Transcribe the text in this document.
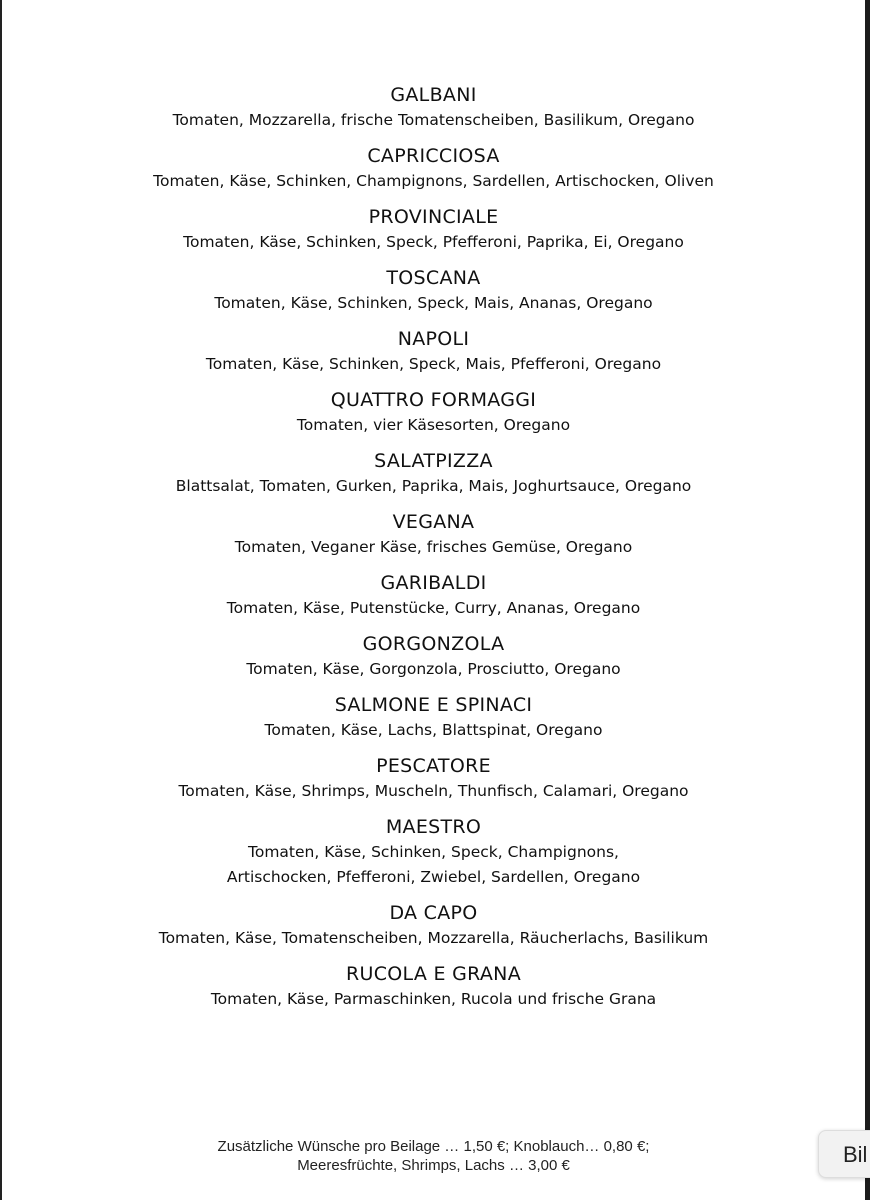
GALBANI
Tomaten, Mozzarella, frische Tomatenscheiben, Basilikum, Oregano
CAPRICCIOSA
Tomaten, Käse, Schinken, Champignons, Sardellen, Artischocken, Oliven
PROVINCIALE
Tomaten, Käse, Schinken, Speck, Pfefferoni, Paprika, Ei, Oregano
TOSCANA
Tomaten, Käse, Schinken, Speck, Mais, Ananas, Oregano
NAPOLI
Tomaten, Käse, Schinken, Speck, Mais, Pfefferoni, Oregano
QUATTRO FORMAGGI
Tomaten, vier Käsesorten, Oregano
SALATPIZZA
Blattsalat, Tomaten, Gurken, Paprika, Mais, Joghurtsauce, Oregano
VEGANA
Tomaten, Veganer Käse, frisches Gemüse, Oregano
GARIBALDI
Tomaten, Käse, Putenstücke, Curry, Ananas, Oregano
GORGONZOLA
Tomaten, Käse, Gorgonzola, Prosciutto, Oregano
SALMONE E SPINACI
Tomaten, Käse, Lachs, Blattspinat, Oregano
PESCATORE
Tomaten, Käse, Shrimps, Muscheln, Thunfisch, Calamari, Oregano
MAESTRO
Tomaten, Käse, Schinken, Speck, Champignons,
Artischocken, Pfefferoni, Zwiebel, Sardellen, Oregano
DA CAPO
Tomaten, Käse, Tomatenscheiben, Mozzarella, Räucherlachs, Basilikum
RUCOLA E GRANA
Tomaten, Käse, Parmaschinken, Rucola und frische Grana
Zusätzliche Wünsche pro Beilage … 1,50 €; Knoblauch… 0,80 €;
Meeresfrüchte, Shrimps, Lachs … 3,00 €	Bil
